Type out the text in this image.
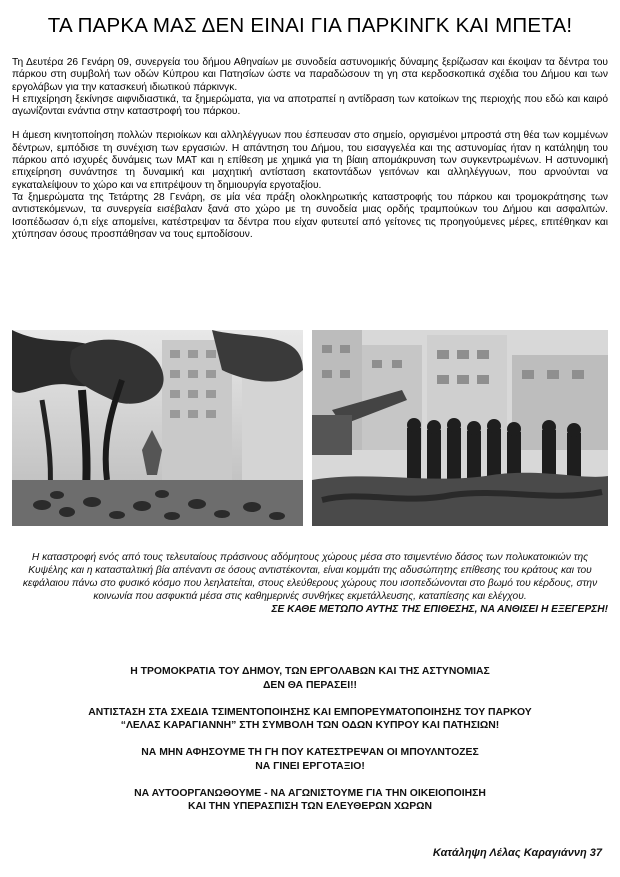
ΤΑ ΠΑΡΚΑ ΜΑΣ ΔΕΝ ΕΙΝΑΙ ΓΙΑ ΠΑΡΚΙΝΓΚ ΚΑΙ ΜΠΕΤΑ!

Τη Δευτέρα 26 Γενάρη 09, συνεργεία του δήμου Αθηναίων με συνοδεία αστυνομικής δύναμης ξερίζωσαν και έκοψαν τα δέντρα του πάρκου στη συμβολή των οδών Κύπρου και Πατησίων ώστε να παραδώσουν τη γη στα κερδοσκοπικά σχέδια του Δήμου και των εργολάβων για την κατασκευή ιδιωτικού πάρκινγκ.

Η επιχείρηση ξεκίνησε αιφνιδιαστικά, τα ξημερώματα, για να αποτραπεί η αντίδραση των κατοίκων της περιοχής που εδώ και καιρό αγωνίζονται ενάντια στην καταστροφή του πάρκου.

Η άμεση κινητοποίηση πολλών περιοίκων και αλληλέγγυων που έσπευσαν στο σημείο, οργισμένοι μπροστά στη θέα των κομμένων δέντρων, εμπόδισε τη συνέχιση των εργασιών. Η απάντηση του Δήμου, του εισαγγελέα και της αστυνομίας ήταν η κατάληψη του πάρκου από ισχυρές δυνάμεις των ΜΑΤ και η επίθεση με χημικά για τη βίαιη απομάκρυνση των συγκεντρωμένων. Η αστυνομική επιχείρηση συνάντησε τη δυναμική και μαχητική αντίσταση εκατοντάδων γειτόνων και αλληλέγγυων, που αρνούνται να εγκαταλείψουν το χώρο και να επιτρέψουν τη δημιουργία εργοταξίου.

Τα ξημερώματα της Τετάρτης 28 Γενάρη, σε μία νέα πράξη ολοκληρωτικής καταστροφής του πάρκου και τρομοκράτησης των αντιστεκόμενων, τα συνεργεία εισέβαλαν ξανά στο χώρο με τη συνοδεία μιας ορδής τραμπούκων του Δήμου και ασφαλιτών. Ισοπέδωσαν ό,τι είχε απομείνει, κατέστρεψαν τα δέντρα που είχαν φυτευτεί από γείτονες τις προηγούμενες μέρες, επιτέθηκαν και χτύπησαν όσους προσπάθησαν να τους εμποδίσουν.

Η καταστροφή ενός από τους τελευταίους πράσινους αδόμητους χώρους μέσα στο τσιμεντένιο δάσος των πολυκατοικιών της Κυψέλης και η κατασταλτική βία απέναντι σε όσους αντιστέκονται, είναι κομμάτι της αδυσώπητης επίθεσης του κράτους και του κεφάλαιου πάνω στο φυσικό κόσμο που λεηλατείται, στους ελεύθερους χώρους που ισοπεδώνονται στο βωμό του κέρδους, στην κοινωνία που ασφυκτιά μέσα στις καθημερινές συνθήκες εκμετάλλευσης, καταπίεσης και ελέγχου.
ΣΕ ΚΑΘΕ ΜΕΤΩΠΟ ΑΥΤΗΣ ΤΗΣ ΕΠΙΘΕΣΗΣ, ΝΑ ΑΝΘΙΣΕΙ Η ΕΞΕΓΕΡΣΗ!
Η ΤΡΟΜΟΚΡΑΤΙΑ ΤΟΥ ΔΗΜΟΥ, ΤΩΝ ΕΡΓΟΛΑΒΩΝ ΚΑΙ ΤΗΣ ΑΣΤΥΝΟΜΙΑΣ
ΔΕΝ ΘΑ ΠΕΡΑΣΕΙ!!
ΑΝΤΙΣΤΑΣΗ ΣΤΑ ΣΧΕΔΙΑ ΤΣΙΜΕΝΤΟΠΟΙΗΣΗΣ ΚΑΙ ΕΜΠΟΡΕΥΜΑΤΟΠΟΙΗΣΗΣ ΤΟΥ ΠΑΡΚΟΥ
“ΛΕΛΑΣ ΚΑΡΑΓΙΑΝΝΗ” ΣΤΗ ΣΥΜΒΟΛΗ ΤΩΝ ΟΔΩΝ ΚΥΠΡΟΥ ΚΑΙ ΠΑΤΗΣΙΩΝ!
ΝΑ ΜΗΝ ΑΦΗΣΟΥΜΕ ΤΗ ΓΗ ΠΟΥ ΚΑΤΕΣΤΡΕΨΑΝ ΟΙ ΜΠΟΥΛΝΤΟΖΕΣ
ΝΑ ΓΙΝΕΙ ΕΡΓΟΤΑΞΙΟ!
ΝΑ ΑΥΤΟΟΡΓΑΝΩΘΟΥΜΕ - ΝΑ ΑΓΩΝΙΣΤΟΥΜΕ ΓΙΑ ΤΗΝ ΟΙΚΕΙΟΠΟΙΗΣΗ
ΚΑΙ ΤΗΝ ΥΠΕΡΑΣΠΙΣΗ ΤΩΝ ΕΛΕΥΘΕΡΩΝ ΧΩΡΩΝ
Κατάληψη Λέλας Καραγιάννη 37
